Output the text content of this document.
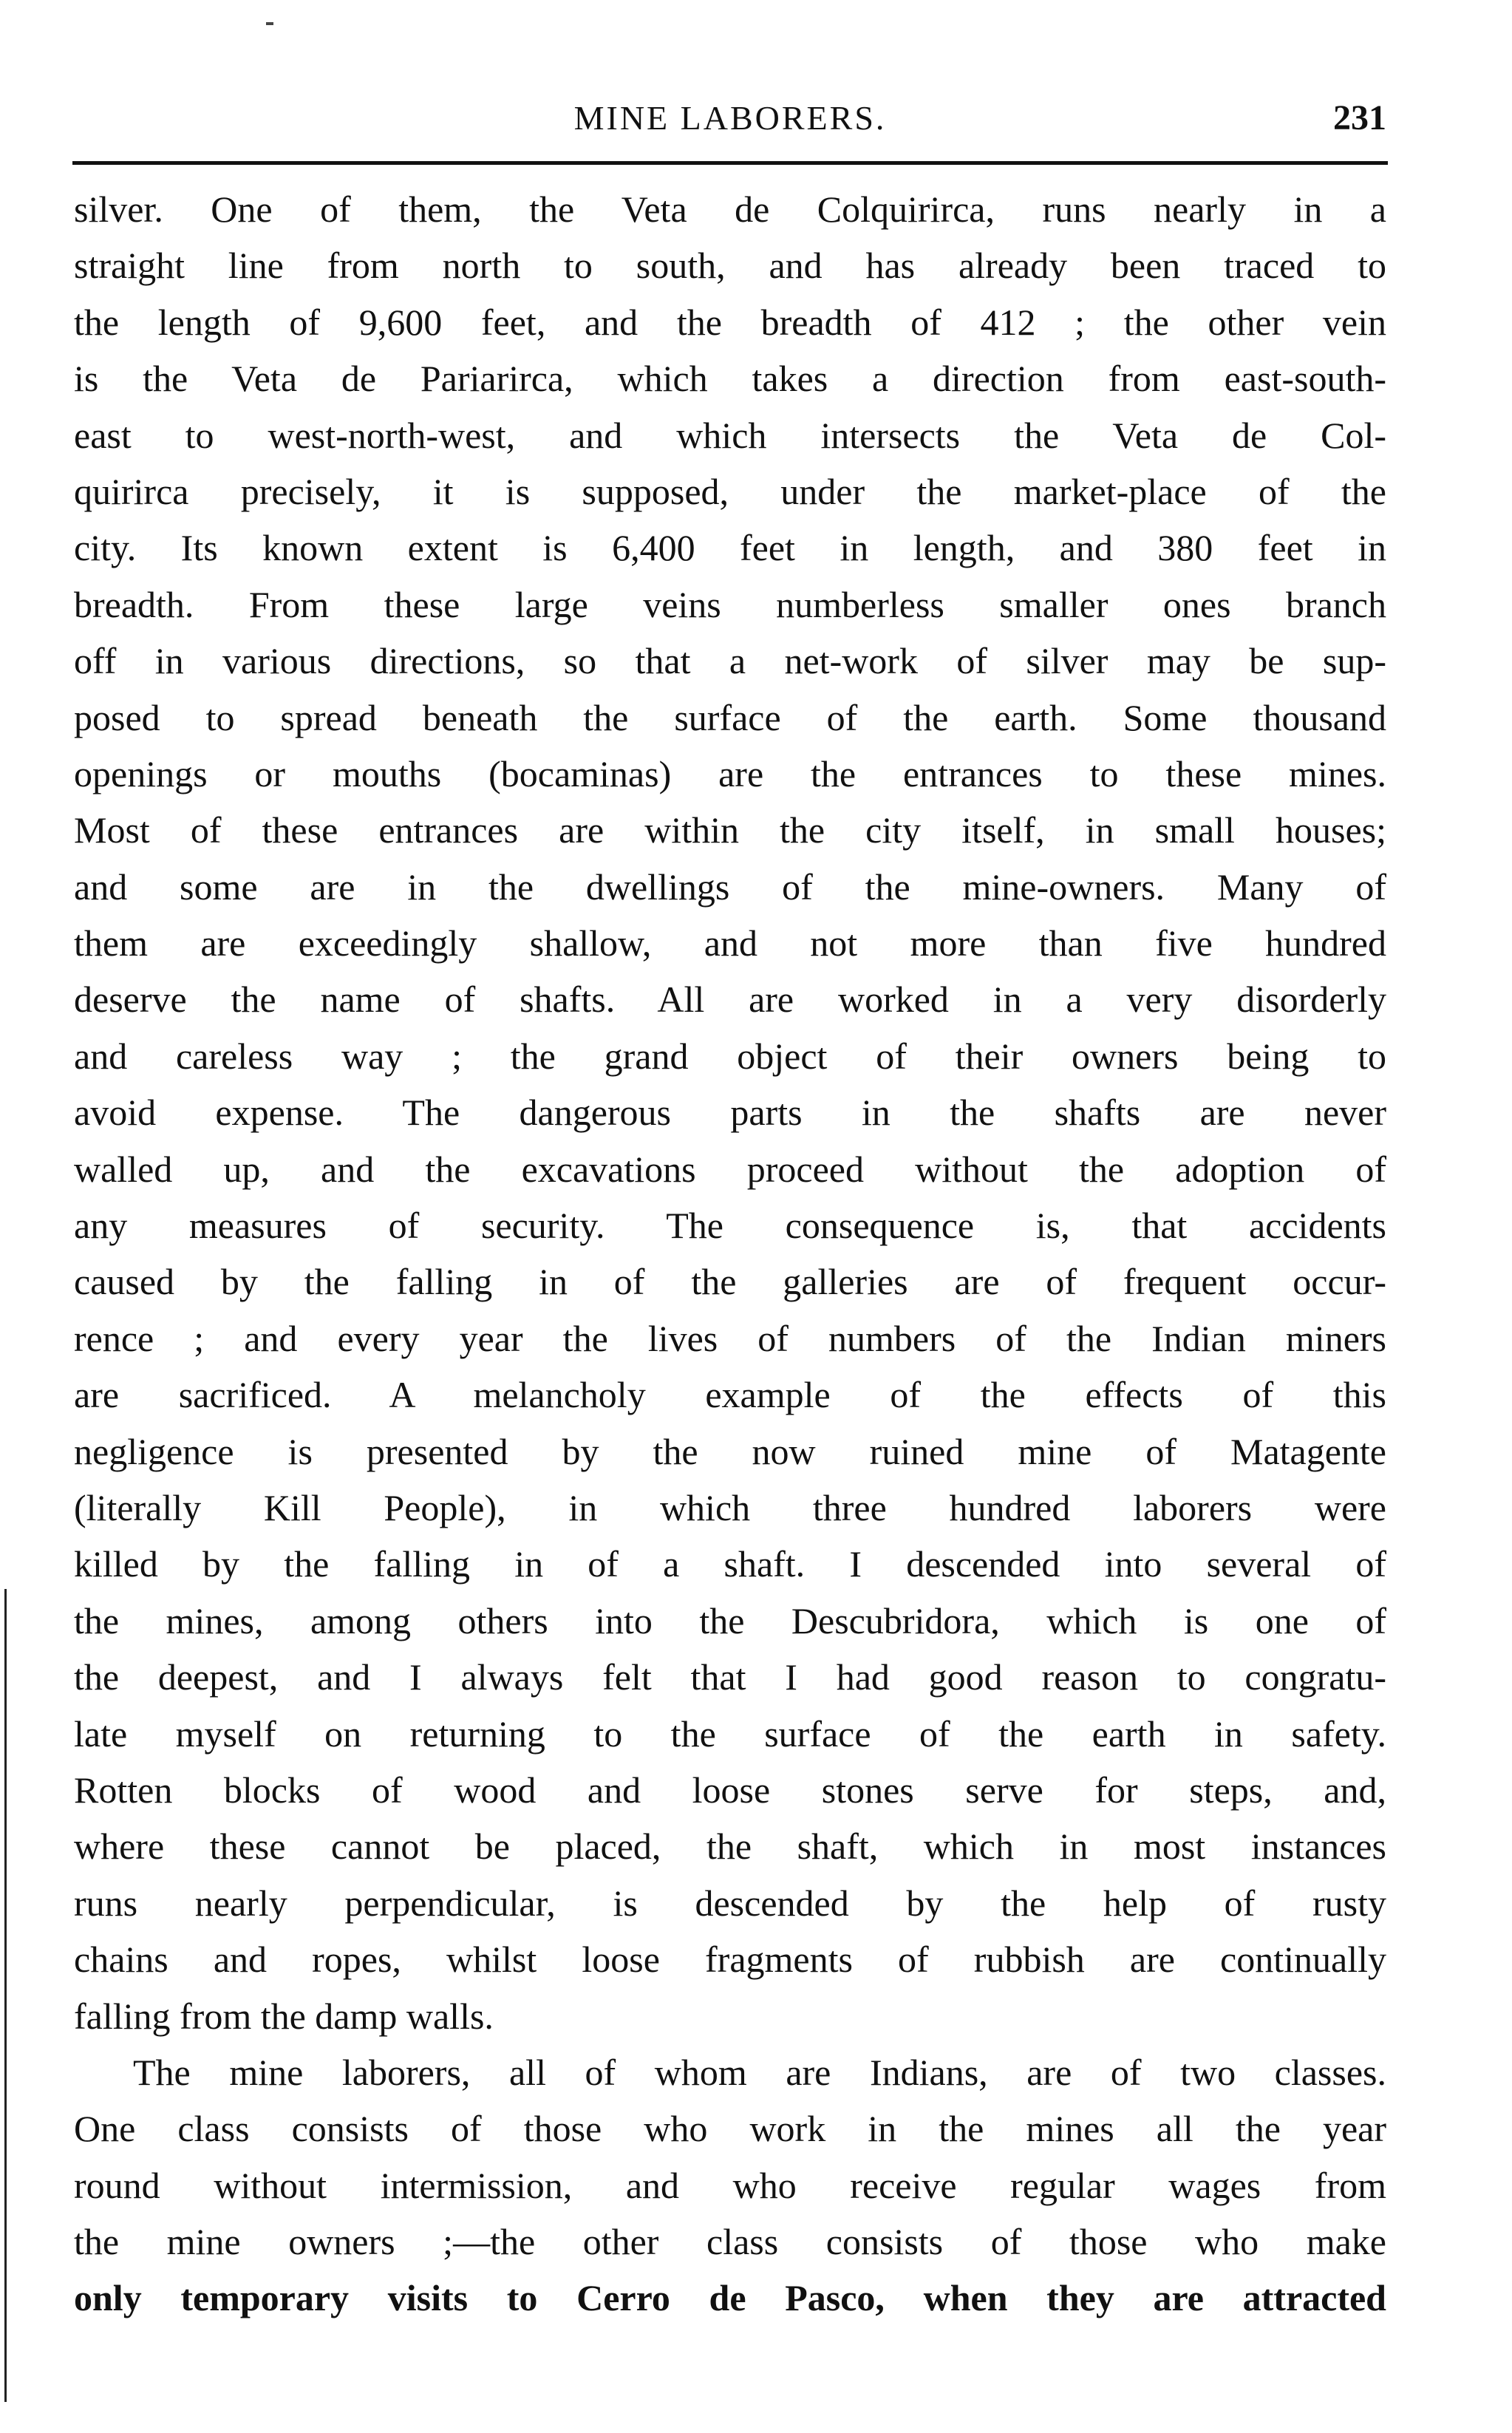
MINE LABORERS.	231
silver. One of them, the Veta de Colquirirca, runs nearly in a
straight line from north to south, and has already been traced to
the length of 9,600 feet, and the breadth of 412 ; the other vein
is the Veta de Pariarirca, which takes a direction from east-south-
east to west-north-west, and which intersects the Veta de Col-
quirirca precisely, it is supposed, under the market-place of the
city. Its known extent is 6,400 feet in length, and 380 feet in
breadth. From these large veins numberless smaller ones branch
off in various directions, so that a net-work of silver may be sup-
posed to spread beneath the surface of the earth. Some thousand
openings or mouths (bocaminas) are the entrances to these mines.
Most of these entrances are within the city itself, in small houses;
and some are in the dwellings of the mine-owners. Many of
them are exceedingly shallow, and not more than five hundred
deserve the name of shafts. All are worked in a very disorderly
and careless way ; the grand object of their owners being to
avoid expense. The dangerous parts in the shafts are never
walled up, and the excavations proceed without the adoption of
any measures of security. The consequence is, that accidents
caused by the falling in of the galleries are of frequent occur-
rence ; and every year the lives of numbers of the Indian miners
are sacrificed. A melancholy example of the effects of this
negligence is presented by the now ruined mine of Matagente
(literally Kill People), in which three hundred laborers were
killed by the falling in of a shaft. I descended into several of
the mines, among others into the Descubridora, which is one of
the deepest, and I always felt that I had good reason to congratu-
late myself on returning to the surface of the earth in safety.
Rotten blocks of wood and loose stones serve for steps, and,
where these cannot be placed, the shaft, which in most instances
runs nearly perpendicular, is descended by the help of rusty
chains and ropes, whilst loose fragments of rubbish are continually
falling from the damp walls.
The mine laborers, all of whom are Indians, are of two classes.
One class consists of those who work in the mines all the year
round without intermission, and who receive regular wages from
the mine owners ;—the other class consists of those who make
only temporary visits to Cerro de Pasco, when they are attracted
